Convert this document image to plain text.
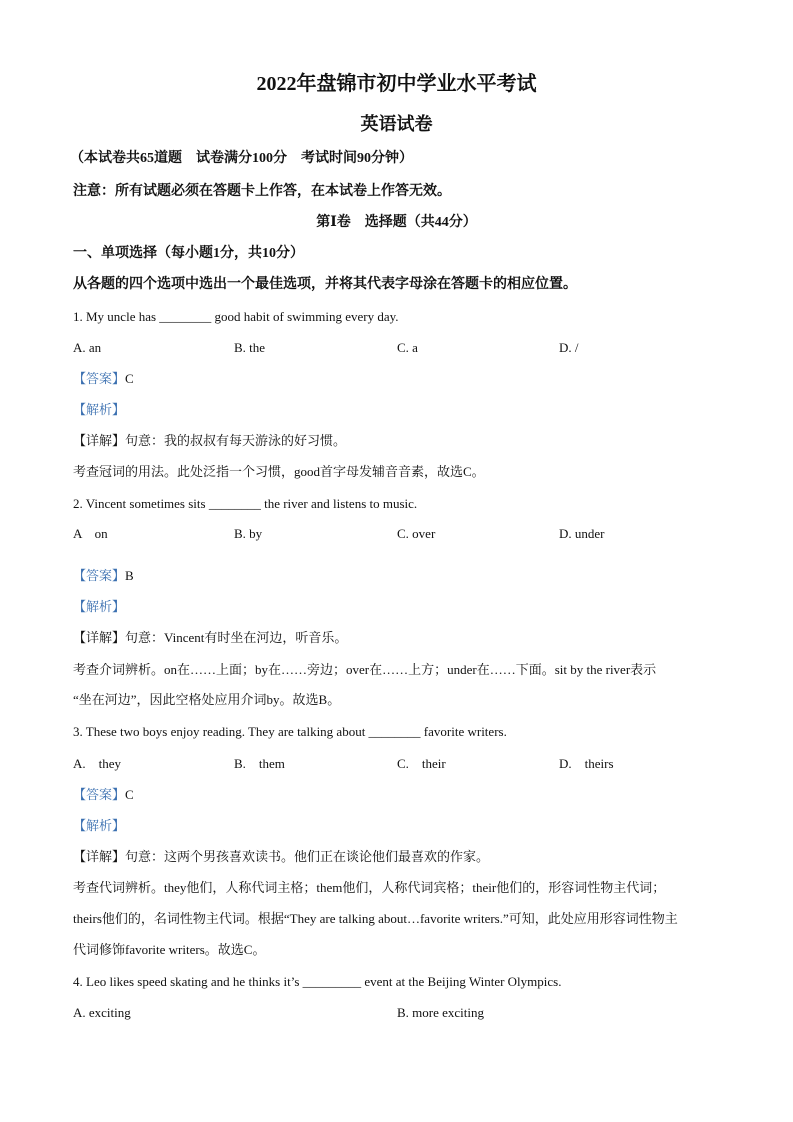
2022年盘锦市初中学业水平考试
英语试卷
（本试卷共65道题　试卷满分100分　考试时间90分钟）
注意：所有试题必须在答题卡上作答，在本试卷上作答无效。
第Ⅰ卷　选择题（共44分）
一、单项选择（每小题1分，共10分）
从各题的四个选项中选出一个最佳选项，并将其代表字母涂在答题卡的相应位置。
1. My uncle has ________ good habit of swimming every day.
A. an	B. the	C. a	D. /
【答案】C
【解析】
【详解】句意：我的叔叔有每天游泳的好习惯。
考查冠词的用法。此处泛指一个习惯，good首字母发辅音音素，故选C。
2. Vincent sometimes sits ________ the river and listens to music.
A　on	B. by	C. over	D. under
【答案】B
【解析】
【详解】句意：Vincent有时坐在河边，听音乐。
考查介词辨析。on在……上面；by在……旁边；over在……上方；under在……下面。sit by the river表示
“坐在河边”，因此空格处应用介词by。故选B。
3. These two boys enjoy reading. They are talking about ________ favorite writers.
A.　they	B.　them	C.　their	D.　theirs
【答案】C
【解析】
【详解】句意：这两个男孩喜欢读书。他们正在谈论他们最喜欢的作家。
考查代词辨析。they他们，人称代词主格；them他们，人称代词宾格；their他们的，形容词性物主代词；
theirs他们的，名词性物主代词。根据“They are talking about…favorite writers.”可知，此处应用形容词性物主
代词修饰favorite writers。故选C。
4. Leo likes speed skating and he thinks it’s _________ event at the Beijing Winter Olympics.
A. exciting	B. more exciting
